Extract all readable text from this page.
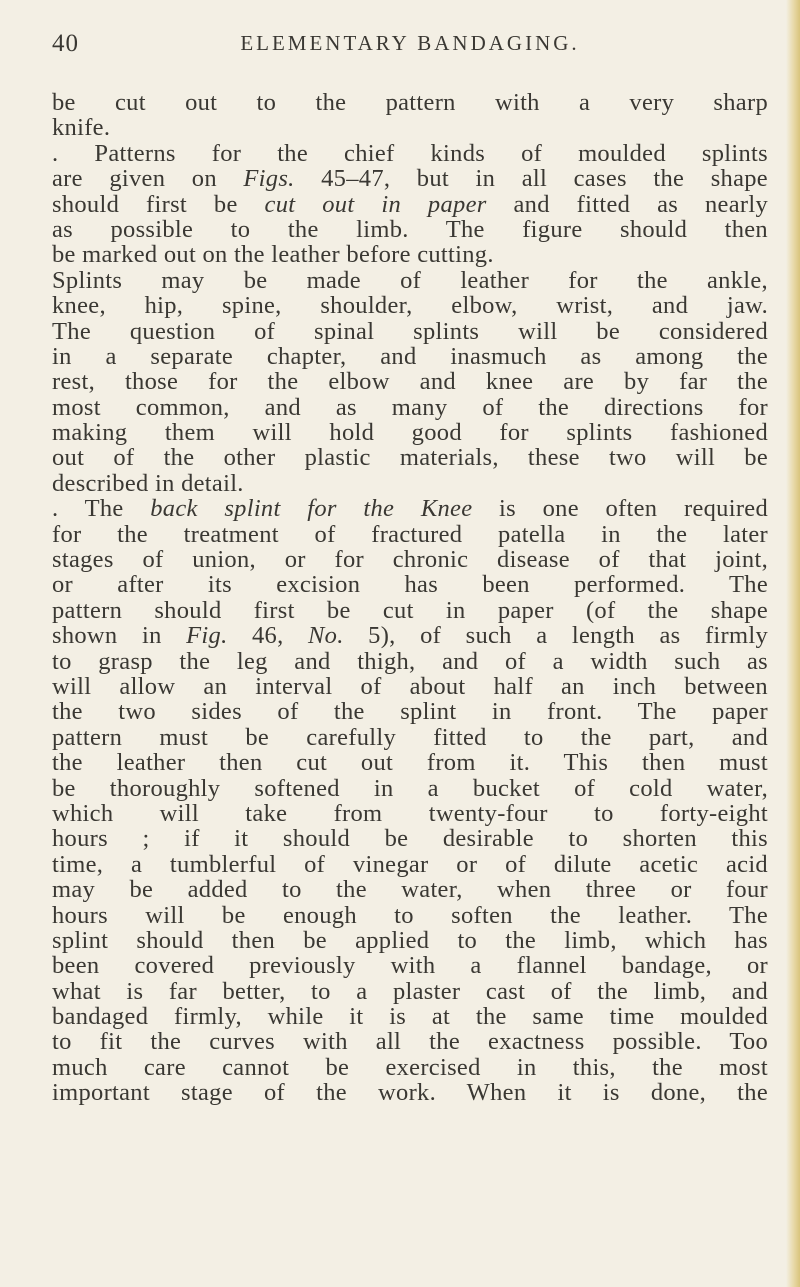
40	ELEMENTARY BANDAGING.
be cut out to the pattern with a very sharp
knife.
. Patterns for the chief kinds of moulded splints
are given on Figs. 45–47, but in all cases the shape
should first be cut out in paper and fitted as nearly
as possible to the limb. The figure should then
be marked out on the leather before cutting.
Splints may be made of leather for the ankle,
knee, hip, spine, shoulder, elbow, wrist, and jaw.
The question of spinal splints will be considered
in a separate chapter, and inasmuch as among the
rest, those for the elbow and knee are by far the
most common, and as many of the directions for
making them will hold good for splints fashioned
out of the other plastic materials, these two will be
described in detail.
. The back splint for the Knee is one often required
for the treatment of fractured patella in the later
stages of union, or for chronic disease of that joint,
or after its excision has been performed. The
pattern should first be cut in paper (of the shape
shown in Fig. 46, No. 5), of such a length as firmly
to grasp the leg and thigh, and of a width such as
will allow an interval of about half an inch between
the two sides of the splint in front. The paper
pattern must be carefully fitted to the part, and
the leather then cut out from it. This then must
be thoroughly softened in a bucket of cold water,
which will take from twenty-four to forty-eight
hours ; if it should be desirable to shorten this
time, a tumblerful of vinegar or of dilute acetic acid
may be added to the water, when three or four
hours will be enough to soften the leather. The
splint should then be applied to the limb, which has
been covered previously with a flannel bandage, or
what is far better, to a plaster cast of the limb, and
bandaged firmly, while it is at the same time moulded
to fit the curves with all the exactness possible. Too
much care cannot be exercised in this, the most
important stage of the work. When it is done, the
